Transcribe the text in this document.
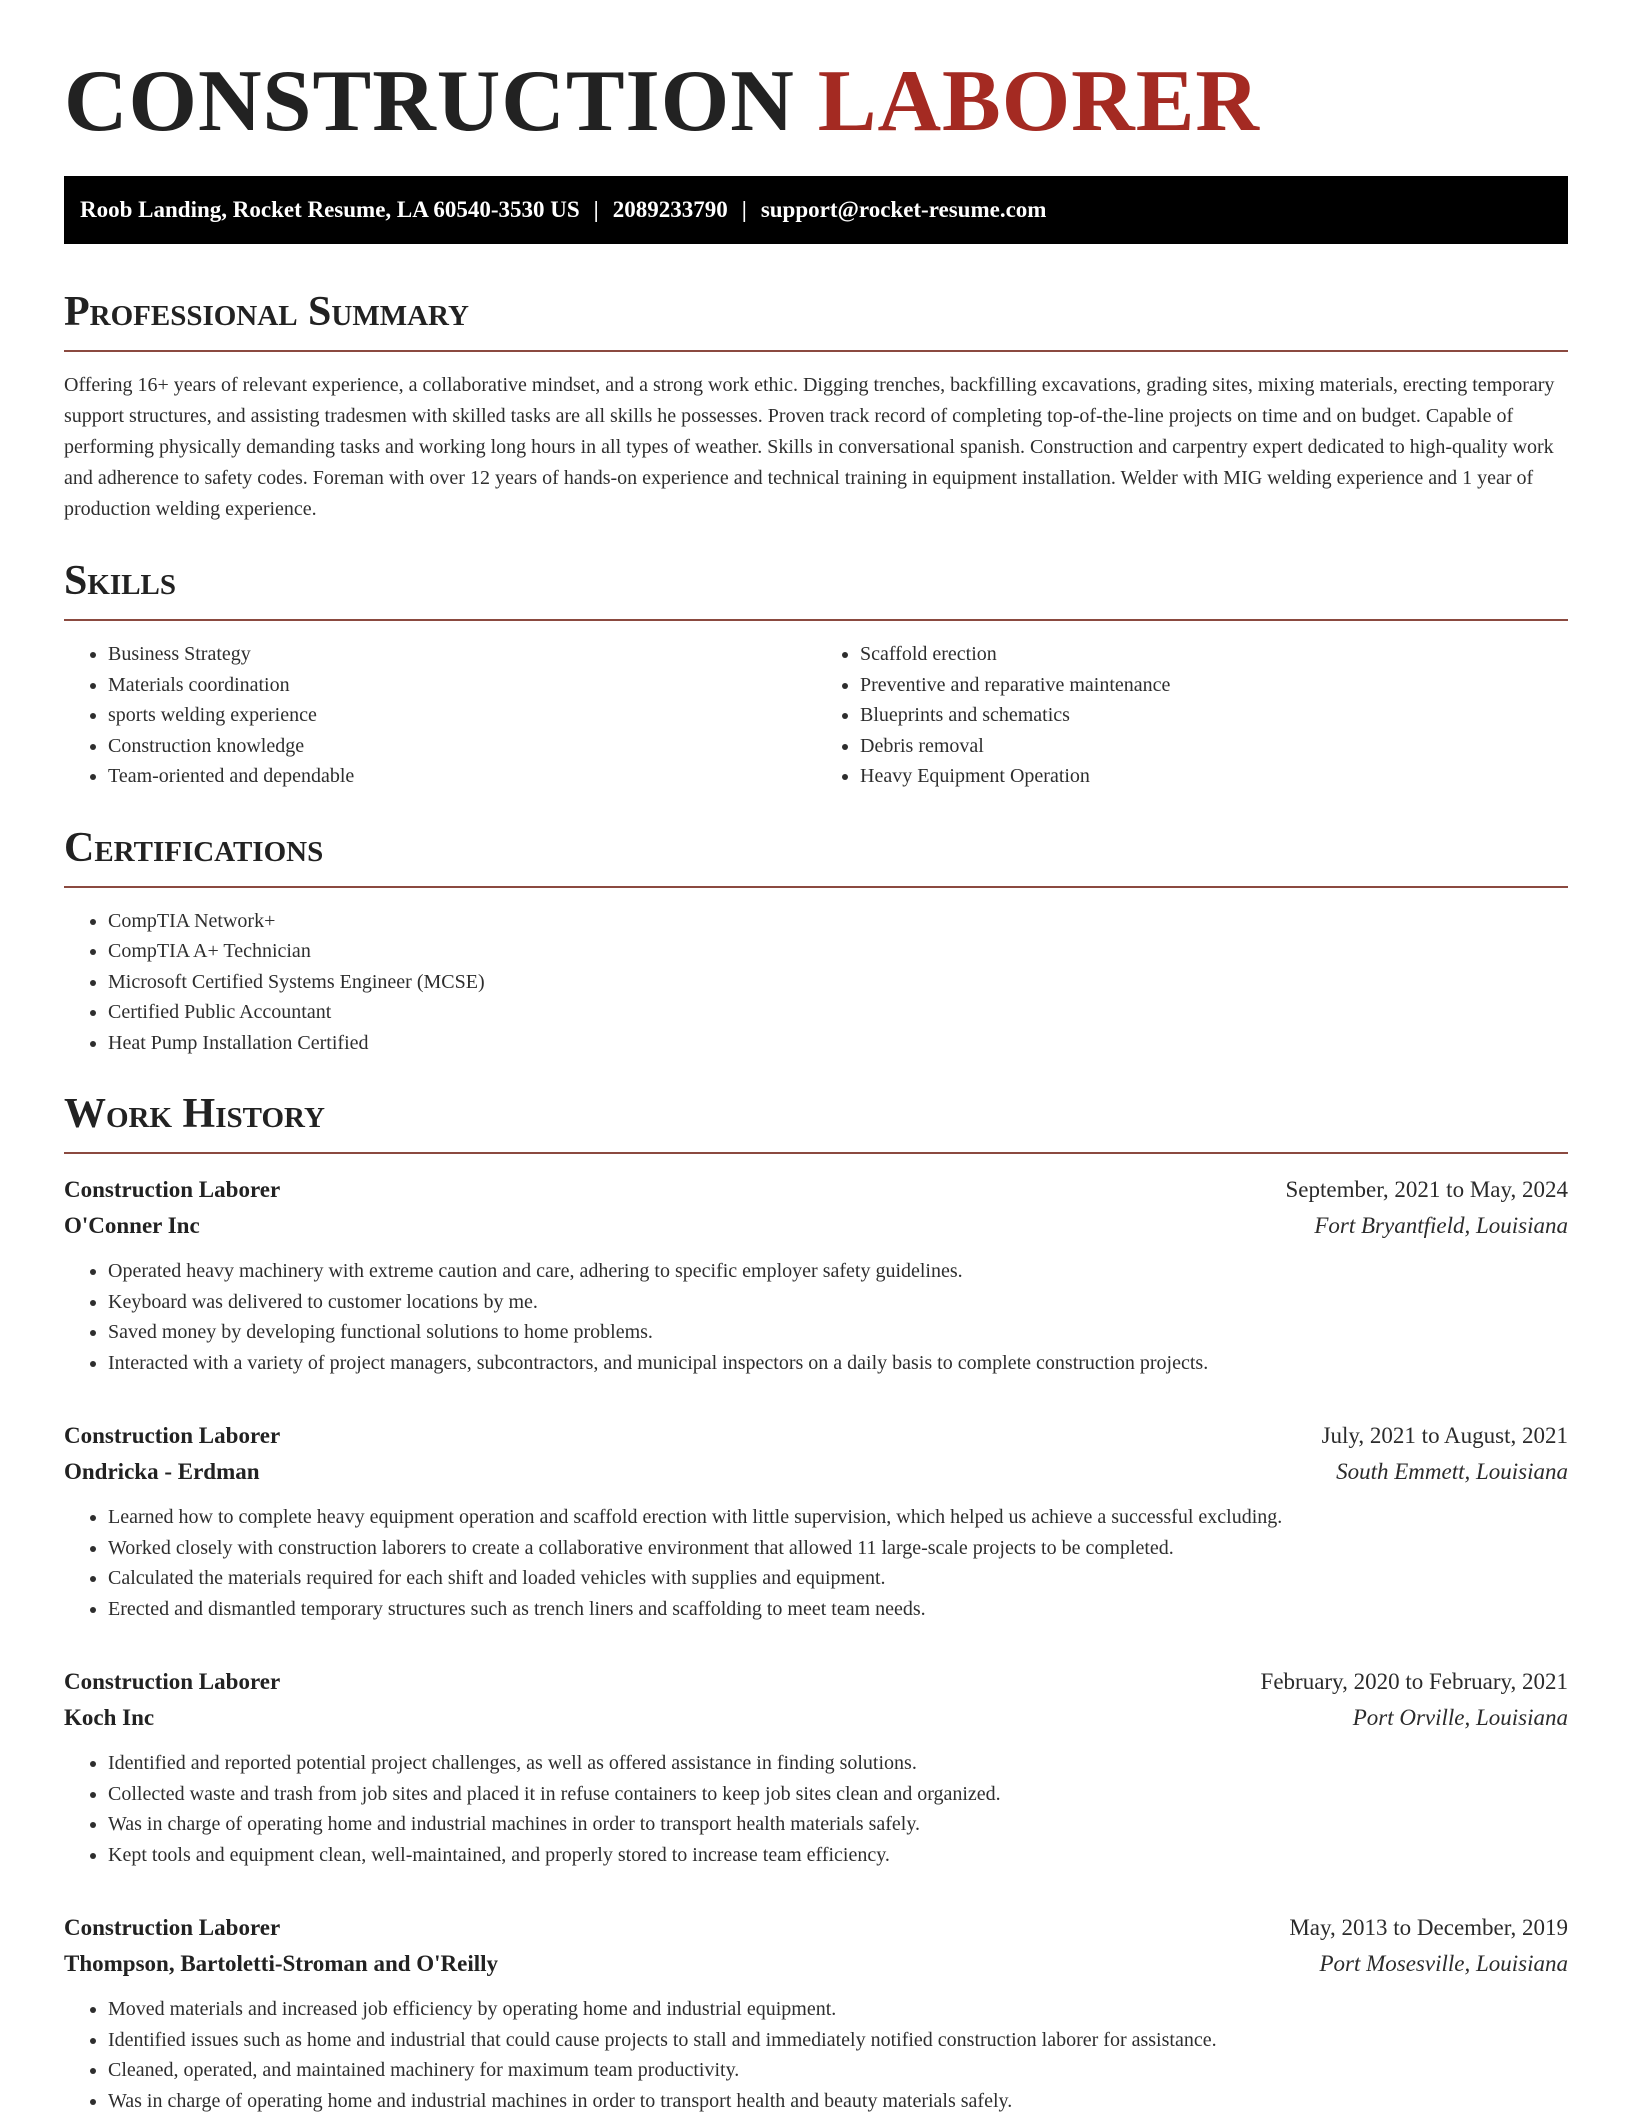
CONSTRUCTION LABORER
Roob Landing, Rocket Resume, LA 60540-3530 US | 2089233790 | support@rocket-resume.com
Professional Summary

Offering 16+ years of relevant experience, a collaborative mindset, and a strong work ethic. Digging trenches, backfilling excavations, grading sites, mixing materials, erecting temporary support structures, and assisting tradesmen with skilled tasks are all skills he possesses. Proven track record of completing top-of-the-line projects on time and on budget. Capable of performing physically demanding tasks and working long hours in all types of weather. Skills in conversational spanish. Construction and carpentry expert dedicated to high-quality work and adherence to safety codes. Foreman with over 12 years of hands-on experience and technical training in equipment installation. Welder with MIG welding experience and 1 year of production welding experience.

Skills
• Business Strategy
• Materials coordination
• sports welding experience
• Construction knowledge
• Team-oriented and dependable
• Scaffold erection
• Preventive and reparative maintenance
• Blueprints and schematics
• Debris removal
• Heavy Equipment Operation
Certifications
• CompTIA Network+
• CompTIA A+ Technician
• Microsoft Certified Systems Engineer (MCSE)
• Certified Public Accountant
• Heat Pump Installation Certified
Work History
Construction Laborer	September, 2021 to May, 2024
O'Conner Inc	Fort Bryantfield, Louisiana
• Operated heavy machinery with extreme caution and care, adhering to specific employer safety guidelines.
• Keyboard was delivered to customer locations by me.
• Saved money by developing functional solutions to home problems.
• Interacted with a variety of project managers, subcontractors, and municipal inspectors on a daily basis to complete construction projects.
Construction Laborer	July, 2021 to August, 2021
Ondricka - Erdman	South Emmett, Louisiana
• Learned how to complete heavy equipment operation and scaffold erection with little supervision, which helped us achieve a successful excluding.
• Worked closely with construction laborers to create a collaborative environment that allowed 11 large-scale projects to be completed.
• Calculated the materials required for each shift and loaded vehicles with supplies and equipment.
• Erected and dismantled temporary structures such as trench liners and scaffolding to meet team needs.
Construction Laborer	February, 2020 to February, 2021
Koch Inc	Port Orville, Louisiana
• Identified and reported potential project challenges, as well as offered assistance in finding solutions.
• Collected waste and trash from job sites and placed it in refuse containers to keep job sites clean and organized.
• Was in charge of operating home and industrial machines in order to transport health materials safely.
• Kept tools and equipment clean, well-maintained, and properly stored to increase team efficiency.
Construction Laborer	May, 2013 to December, 2019
Thompson, Bartoletti-Stroman and O'Reilly	Port Mosesville, Louisiana
• Moved materials and increased job efficiency by operating home and industrial equipment.
• Identified issues such as home and industrial that could cause projects to stall and immediately notified construction laborer for assistance.
• Cleaned, operated, and maintained machinery for maximum team productivity.
• Was in charge of operating home and industrial machines in order to transport health and beauty materials safely.
